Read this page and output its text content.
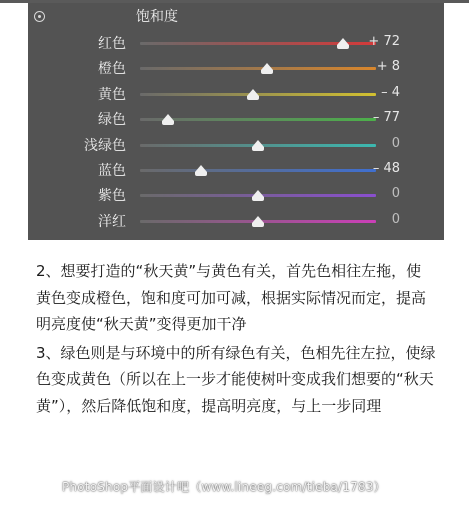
饱和度
红色	+ 72
橙色	+ 8
黄色	– 4
绿色	– 77
浅绿色	0
蓝色	– 48
紫色	0
洋红	0

2、想要打造的“秋天黄”与黄色有关，首先色相往左拖，使黄色变成橙色，饱和度可加可减，根据实际情况而定，提高明亮度使“秋天黄”变得更加干净

3、绿色则是与环境中的所有绿色有关，色相先往左拉，使绿色变成黄色（所以在上一步才能使树叶变成我们想要的“秋天黄”），然后降低饱和度，提高明亮度，与上一步同理

PhotoShop平面设计吧（www.lineeg.com/tieba/1783）
